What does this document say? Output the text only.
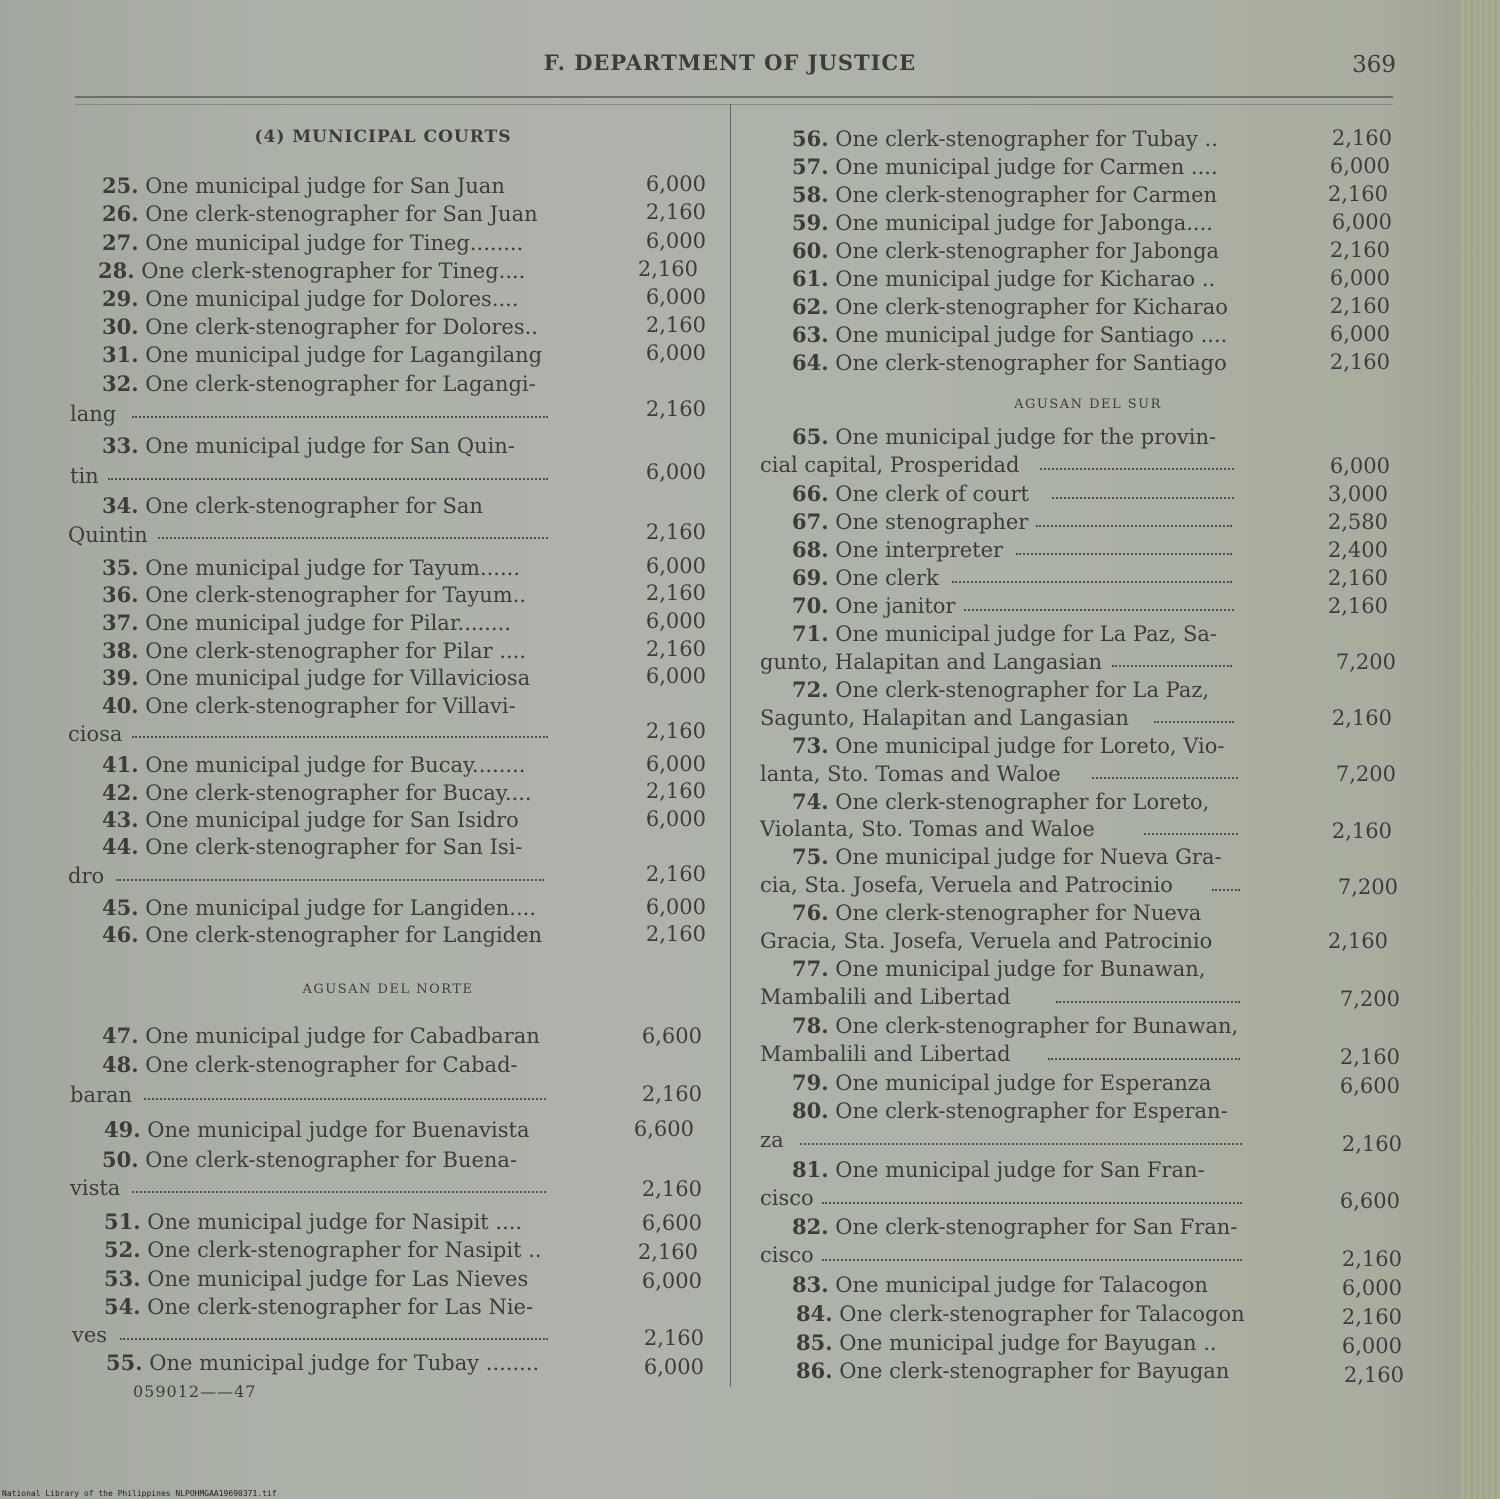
F. DEPARTMENT OF JUSTICE	369
(4) MUNICIPAL COURTS
25. One municipal judge for San Juan	6,000
26. One clerk-stenographer for San Juan	2,160
27. One municipal judge for Tineg........	6,000
28. One clerk-stenographer for Tineg....	2,160
29. One municipal judge for Dolores....	6,000
30. One clerk-stenographer for Dolores..	2,160
31. One municipal judge for Lagangilang	6,000
32. One clerk-stenographer for Lagangi-
lang	2,160
33. One municipal judge for San Quin-
tin	6,000
34. One clerk-stenographer for San
Quintin	2,160
35. One municipal judge for Tayum......	6,000
36. One clerk-stenographer for Tayum..	2,160
37. One municipal judge for Pilar........	6,000
38. One clerk-stenographer for Pilar ....	2,160
39. One municipal judge for Villaviciosa	6,000
40. One clerk-stenographer for Villavi-
ciosa	2,160
41. One municipal judge for Bucay........	6,000
42. One clerk-stenographer for Bucay....	2,160
43. One municipal judge for San Isidro	6,000
44. One clerk-stenographer for San Isi-
dro	2,160
45. One municipal judge for Langiden....	6,000
46. One clerk-stenographer for Langiden	2,160
AGUSAN DEL NORTE
47. One municipal judge for Cabadbaran	6,600
48. One clerk-stenographer for Cabad-
baran	2,160
49. One municipal judge for Buenavista	6,600
50. One clerk-stenographer for Buena-
vista	2,160
51. One municipal judge for Nasipit ....	6,600
52. One clerk-stenographer for Nasipit ..	2,160
53. One municipal judge for Las Nieves	6,000
54. One clerk-stenographer for Las Nie-
ves	2,160
55. One municipal judge for Tubay ........	6,000
059012——47
56. One clerk-stenographer for Tubay ..	2,160
57. One municipal judge for Carmen ....	6,000
58. One clerk-stenographer for Carmen	2,160
59. One municipal judge for Jabonga....	6,000
60. One clerk-stenographer for Jabonga	2,160
61. One municipal judge for Kicharao ..	6,000
62. One clerk-stenographer for Kicharao	2,160
63. One municipal judge for Santiago ....	6,000
64. One clerk-stenographer for Santiago	2,160
AGUSAN DEL SUR
65. One municipal judge for the provin-
cial capital, Prosperidad	6,000
66. One clerk of court	3,000
67. One stenographer	2,580
68. One interpreter	2,400
69. One clerk	2,160
70. One janitor	2,160
71. One municipal judge for La Paz, Sa-
gunto, Halapitan and Langasian	7,200
72. One clerk-stenographer for La Paz,
Sagunto, Halapitan and Langasian	2,160
73. One municipal judge for Loreto, Vio-
lanta, Sto. Tomas and Waloe	7,200
74. One clerk-stenographer for Loreto,
Violanta, Sto. Tomas and Waloe	2,160
75. One municipal judge for Nueva Gra-
cia, Sta. Josefa, Veruela and Patrocinio	7,200
76. One clerk-stenographer for Nueva
Gracia, Sta. Josefa, Veruela and Patrocinio	2,160
77. One municipal judge for Bunawan,
Mambalili and Libertad	7,200
78. One clerk-stenographer for Bunawan,
Mambalili and Libertad	2,160
79. One municipal judge for Esperanza	6,600
80. One clerk-stenographer for Esperan-
za	2,160
81. One municipal judge for San Fran-
cisco	6,600
82. One clerk-stenographer for San Fran-
cisco	2,160
83. One municipal judge for Talacogon	6,000
84. One clerk-stenographer for Talacogon	2,160
85. One municipal judge for Bayugan ..	6,000
86. One clerk-stenographer for Bayugan	2,160
National Library of the Philippines NLPOHMGAA19690371.tif
